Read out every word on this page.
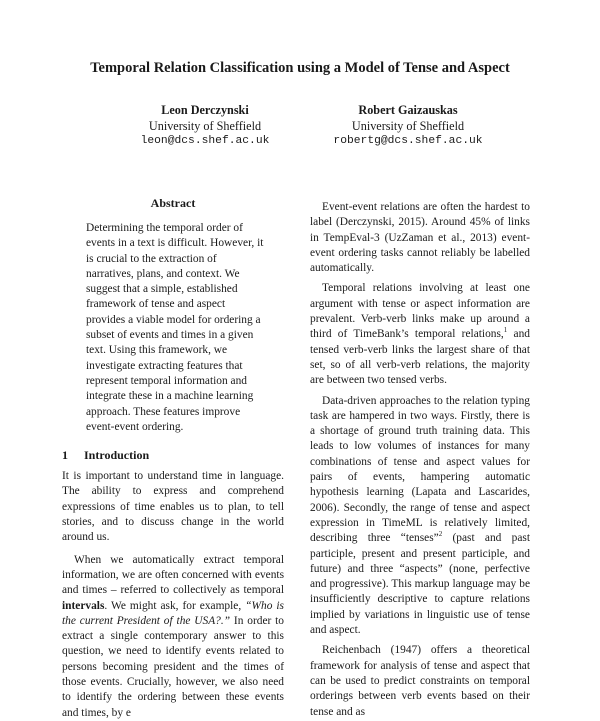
Temporal Relation Classification using a Model of Tense and Aspect
Leon Derczynski
University of Sheffield
leon@dcs.shef.ac.uk
Robert Gaizauskas
University of Sheffield
robertg@dcs.shef.ac.uk
Abstract

Determining the temporal order of events in a text is difficult. However, it is crucial to the extraction of narratives, plans, and context. We suggest that a simple, established framework of tense and aspect provides a viable model for ordering a subset of events and times in a given text. Using this framework, we investigate extracting features that represent temporal information and integrate these in a machine learning approach. These features improve event-event ordering.

1	Introduction

It is important to understand time in language. The ability to express and comprehend expressions of time enables us to plan, to tell stories, and to discuss change in the world around us.

When we automatically extract temporal information, we are often concerned with events and times – referred to collectively as temporal intervals. We might ask, for example, “Who is the current President of the USA?.” In order to extract a single contemporary answer to this question, we need to identify events related to persons becoming president and the times of those events. Crucially, however, we also need to identify the ordering between these events and times, by e

Event-event relations are often the hardest to label (Derczynski, 2015). Around 45% of links in TempEval-3 (UzZaman et al., 2013) event-event ordering tasks cannot reliably be labelled automatically.

Temporal relations involving at least one argument with tense or aspect information are prevalent. Verb-verb links make up around a third of TimeBank’s temporal relations,$^1$ and tensed verb-verb links the largest share of that set, so of all verb-verb relations, the majority are between two tensed verbs.

Data-driven approaches to the relation typing task are hampered in two ways. Firstly, there is a shortage of ground truth training data. This leads to low volumes of instances for many combinations of tense and aspect values for pairs of events, hampering automatic hypothesis learning (Lapata and Lascarides, 2006). Secondly, the range of tense and aspect expression in TimeML is relatively limited, describing three “tenses”$^2$ (past and past participle, present and present participle, and future) and three “aspects” (none, perfective and progressive). This markup language may be insufficiently descriptive to capture relations implied by variations in linguistic use of tense and aspect.

Reichenbach (1947) offers a theoretical framework for analysis of tense and aspect that can be used to predict constraints on temporal orderings between verb events based on their tense and as
